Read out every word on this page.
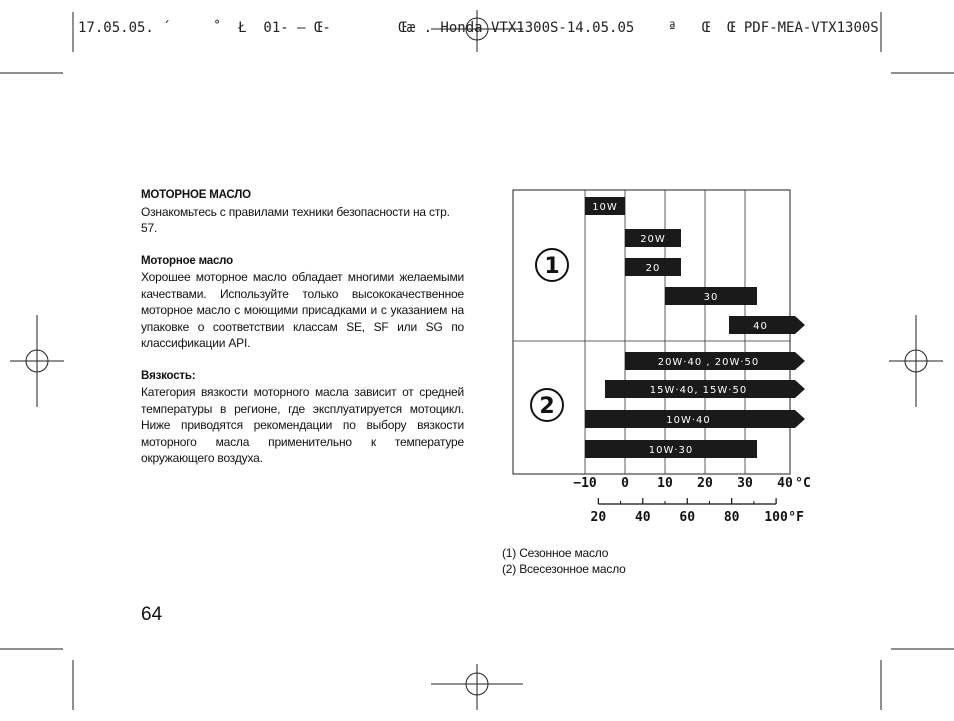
17.05.05. ´     ˚  Ł  01- — Œ-        Œæ . Honda VTX1300S-14.05.05    ª   Œ  Œ PDF-MEA-VTX1300S

МОТОРНОЕ МАСЛО

Ознакомьтесь с правилами техники безопасности на стр. 57.

Моторное масло

Хорошее моторное масло обладает многими желаемыми качествами. Используйте только высококачественное моторное масло с моющими присадками и с указанием на упаковке о соответствии классам SE, SF или SG по классификации API.

Вязкость:

Категория вязкости моторного масла зависит от средней температуры в регионе, где эксплуатируется мотоцикл. Ниже приводятся рекомендации по выбору вязкости моторного масла применительно к температуре окружающего воздуха.

1
2
10W
20W
20
30
40
20W·40 , 20W·50
15W·40, 15W·50
10W·40
10W·30
−10 0 10 20 30 40 °C
20 40 60 80 100 °F
(1) Сезонное масло
(2) Всесезонное масло
64
